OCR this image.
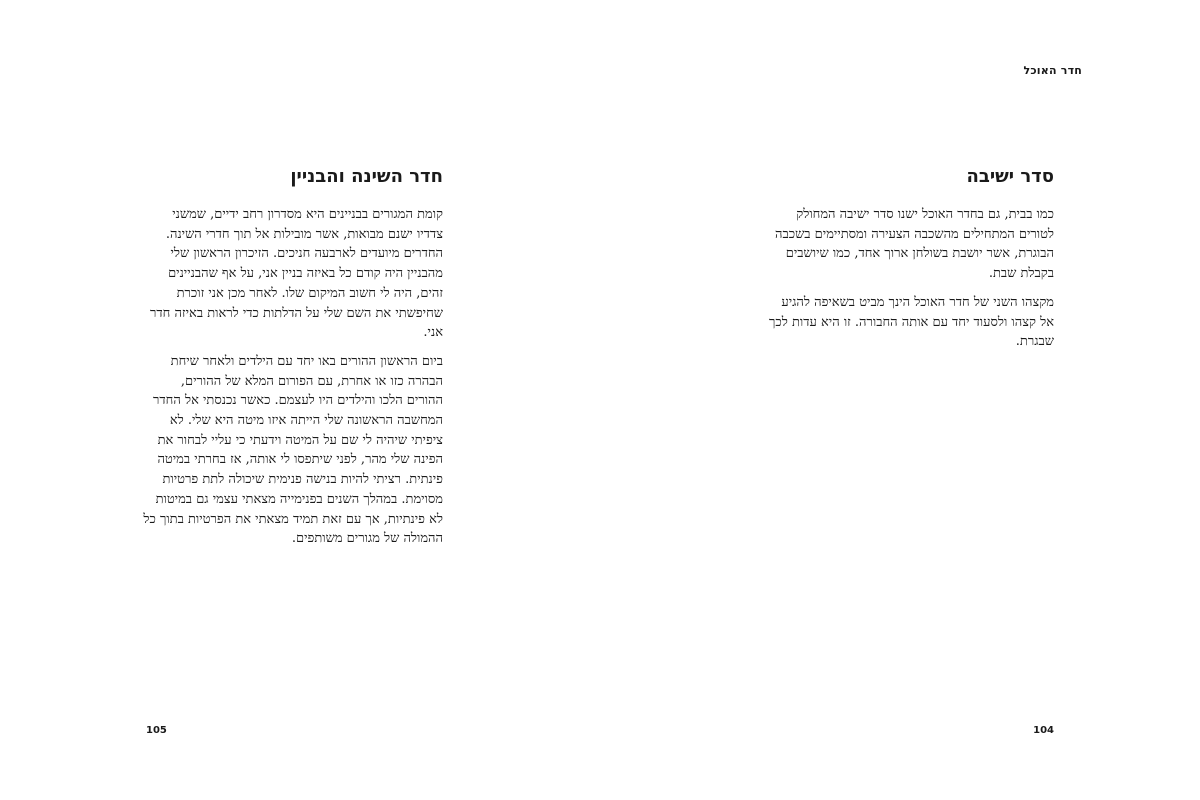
חדר האוכל
סדר ישיבה

כמו בבית, גם בחדר האוכל ישנו סדר ישיבה המחולק לטורים המתחילים מהשכבה הצעירה ומסתיימים בשכבה הבוגרת, אשר יושבת בשולחן ארוך אחד, כמו שיושבים בקבלת שבת.

מקצהו השני של חדר האוכל הינך מביט בשאיפה להגיע אל קצהו ולסעוד יחד עם אותה החבורה. זו היא עדות לכך שבגרת.

חדר השינה והבניין

קומת המגורים בבניינים היא מסדרון רחב ידיים, שמשני צדדיו ישנם מבואות, אשר מובילות אל תוך חדרי השינה. החדרים מיועדים לארבעה חניכים. הזיכרון הראשון שלי מהבניין היה קודם כל באיזה בניין אני, על אף שהבניינים זהים, היה לי חשוב המיקום שלו. לאחר מכן אני זוכרת שחיפשתי את השם שלי על הדלתות כדי לראות באיזה חדר אני.

ביום הראשון ההורים באו יחד עם הילדים ולאחר שיחת הבהרה כזו או אחרת, עם הפורום המלא של ההורים, ההורים הלכו והילדים היו לעצמם. כאשר נכנסתי אל החדר המחשבה הראשונה שלי הייתה איזו מיטה היא שלי. לא ציפיתי שיהיה לי שם על המיטה וידעתי כי עליי לבחור את הפינה שלי מהר, לפני שיתפסו לי אותה, אז בחרתי במיטה פינתית. רציתי להיות בנישה פנימית שיכולה לתת פרטיות מסוימת. במהלך השנים בפנימייה מצאתי עצמי גם במיטות לא פינתיות, אך עם זאת תמיד מצאתי את הפרטיות בתוך כל ההמולה של מגורים משותפים.

104
105
